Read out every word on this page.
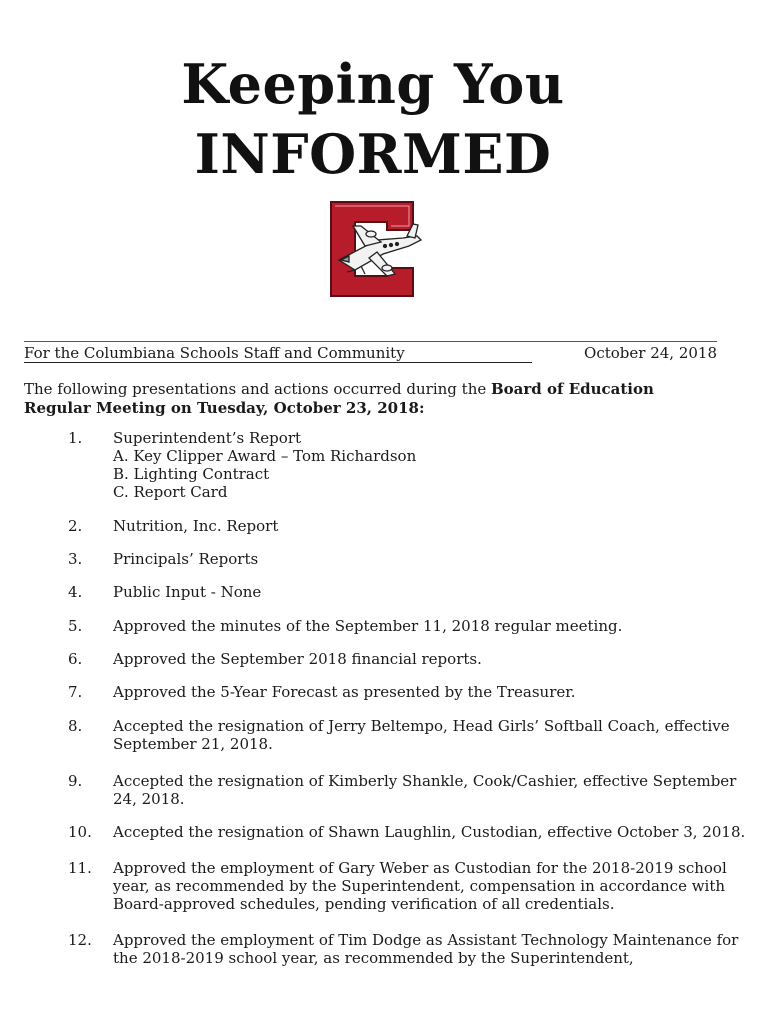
Keeping You
INFORMED
For the Columbiana Schools Staff and Community	October 24, 2018
The following presentations and actions occurred during the Board of Education Regular Meeting on Tuesday, October 23, 2018:
1.	Superintendent’s Report
A. Key Clipper Award – Tom Richardson
B. Lighting Contract
C. Report Card
2.	Nutrition, Inc. Report
3.	Principals’ Reports
4.	Public Input - None
5.	Approved the minutes of the September 11, 2018 regular meeting.
6.	Approved the September 2018 financial reports.
7.	Approved the 5-Year Forecast as presented by the Treasurer.
8.	Accepted the resignation of Jerry Beltempo, Head Girls’ Softball Coach, effective
September 21, 2018.
9.	Accepted the resignation of Kimberly Shankle, Cook/Cashier, effective September
24, 2018.
10.	Accepted the resignation of Shawn Laughlin, Custodian, effective October 3, 2018.
11.	Approved the employment of Gary Weber as Custodian for the 2018-2019 school
year, as recommended by the Superintendent, compensation in accordance with
Board-approved schedules, pending verification of all credentials.
12.	Approved the employment of Tim Dodge as Assistant Technology Maintenance for
the 2018-2019 school year, as recommended by the Superintendent,
